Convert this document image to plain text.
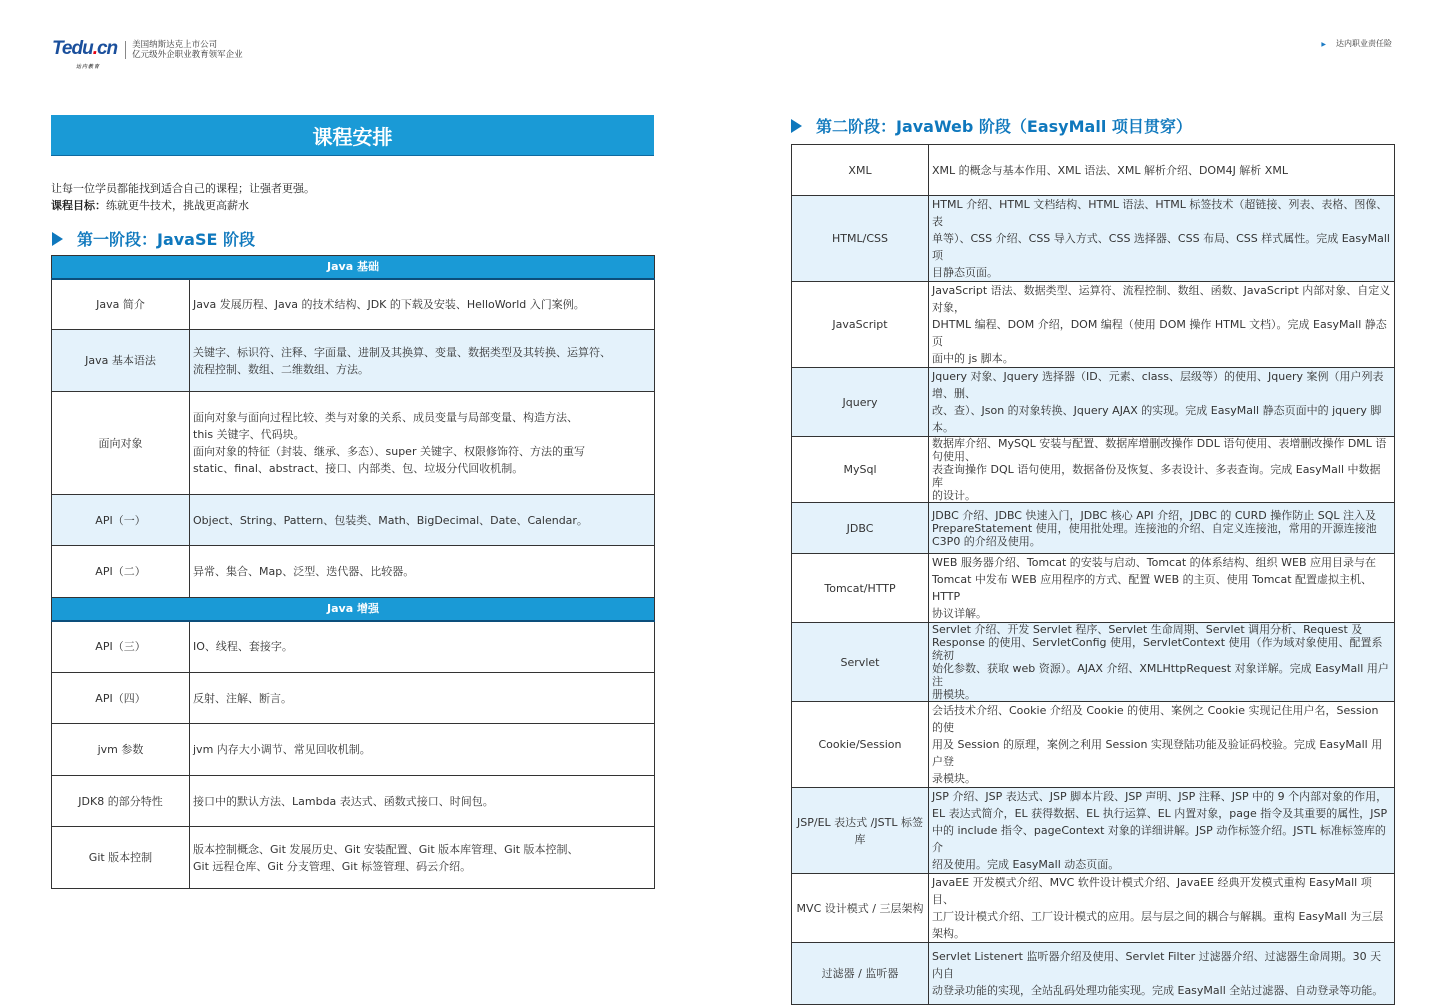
Tedu.cn
达内教育
美国纳斯达克上市公司
亿元级外企职业教育领军企业
▶ 达内职业责任险
课程安排
让每一位学员都能找到适合自己的课程；让强者更强。
课程目标：练就更牛技术，挑战更高薪水
第一阶段：JavaSE 阶段
Java 基础	
Java 简介	Java 发展历程、Java 的技术结构、JDK 的下载及安装、HelloWorld 入门案例。

Java 基本语法	关键字、标识符、注释、字面量、进制及其换算、变量、数据类型及其转换、运算符、
流程控制、数组、二维数组、方法。

面向对象	面向对象与面向过程比较、类与对象的关系、成员变量与局部变量、构造方法、
this 关键字、代码块。
面向对象的特征（封装、继承、多态）、super 关键字、权限修饰符、方法的重写
static、final、abstract、接口、内部类、包、垃圾分代回收机制。

API（一）	Object、String、Pattern、包装类、Math、BigDecimal、Date、Calendar。

API（二）	异常、集合、Map、泛型、迭代器、比较器。

Java 增强	
API（三）	IO、线程、套接字。

API（四）	反射、注解、断言。

jvm 参数	jvm 内存大小调节、常见回收机制。

JDK8 的部分特性	接口中的默认方法、Lambda 表达式、函数式接口、时间包。

Git 版本控制	版本控制概念、Git 发展历史、Git 安装配置、Git 版本库管理、Git 版本控制、
Git 远程仓库、Git 分支管理、Git 标签管理、码云介绍。
第二阶段：JavaWeb 阶段（EasyMall 项目贯穿）
XML	XML 的概念与基本作用、XML 语法、XML 解析介绍、DOM4J 解析 XML

HTML/CSS	HTML 介绍、HTML 文档结构、HTML 语法、HTML 标签技术（超链接、列表、表格、图像、表
单等）、CSS 介绍、CSS 导入方式、CSS 选择器、CSS 布局、CSS 样式属性。完成 EasyMall 项
目静态页面。

JavaScript	JavaScript 语法、数据类型、运算符、流程控制、数组、函数、JavaScript 内部对象、自定义对象，
DHTML 编程、DOM 介绍，DOM 编程（使用 DOM 操作 HTML 文档）。完成 EasyMall 静态页
面中的 js 脚本。

Jquery	Jquery 对象、Jquery 选择器（ID、元素、class、层级等）的使用、Jquery 案例（用户列表增、删、
改、查）、Json 的对象转换、Jquery AJAX 的实现。完成 EasyMall 静态页面中的 jquery 脚本。

MySql	数据库介绍、MySQL 安装与配置、数据库增删改操作 DDL 语句使用、表增删改操作 DML 语句使用、
表查询操作 DQL 语句使用，数据备份及恢复、多表设计、多表查询。完成 EasyMall 中数据库
的设计。

JDBC	JDBC 介绍、JDBC 快速入门，JDBC 核心 API 介绍，JDBC 的 CURD 操作防止 SQL 注入及
PrepareStatement 使用，使用批处理。连接池的介绍、自定义连接池，常用的开源连接池
C3P0 的介绍及使用。

Tomcat/HTTP	WEB 服务器介绍、Tomcat 的安装与启动、Tomcat 的体系结构、组织 WEB 应用目录与在
Tomcat 中发布 WEB 应用程序的方式、配置 WEB 的主页、使用 Tomcat 配置虚拟主机、HTTP
协议详解。

Servlet	Servlet 介绍、开发 Servlet 程序、Servlet 生命周期、Servlet 调用分析、Request 及
Response 的使用、ServletConfig 使用，ServletContext 使用（作为域对象使用、配置系统初
始化参数、获取 web 资源）。AJAX 介绍、XMLHttpRequest 对象详解。完成 EasyMall 用户注
册模块。

Cookie/Session	会话技术介绍、Cookie 介绍及 Cookie 的使用、案例之 Cookie 实现记住用户名，Session 的使
用及 Session 的原理，案例之利用 Session 实现登陆功能及验证码校验。完成 EasyMall 用户登
录模块。

JSP/EL 表达式 /JSTL 标签库	JSP 介绍、JSP 表达式、JSP 脚本片段、JSP 声明、JSP 注释、JSP 中的 9 个内部对象的作用，
EL 表达式简介，EL 获得数据、EL 执行运算、EL 内置对象，page 指令及其重要的属性，JSP
中的 include 指令、pageContext 对象的详细讲解。JSP 动作标签介绍。JSTL 标准标签库的介
绍及使用。完成 EasyMall 动态页面。

MVC 设计模式 / 三层架构	JavaEE 开发模式介绍、MVC 软件设计模式介绍、JavaEE 经典开发模式重构 EasyMall 项目、
工厂设计模式介绍、工厂设计模式的应用。层与层之间的耦合与解耦。重构 EasyMall 为三层架构。

过滤器 / 监听器	Servlet Listenert 监听器介绍及使用、Servlet Filter 过滤器介绍、过滤器生命周期。30 天内自
动登录功能的实现，全站乱码处理功能实现。完成 EasyMall 全站过滤器、自动登录等功能。
